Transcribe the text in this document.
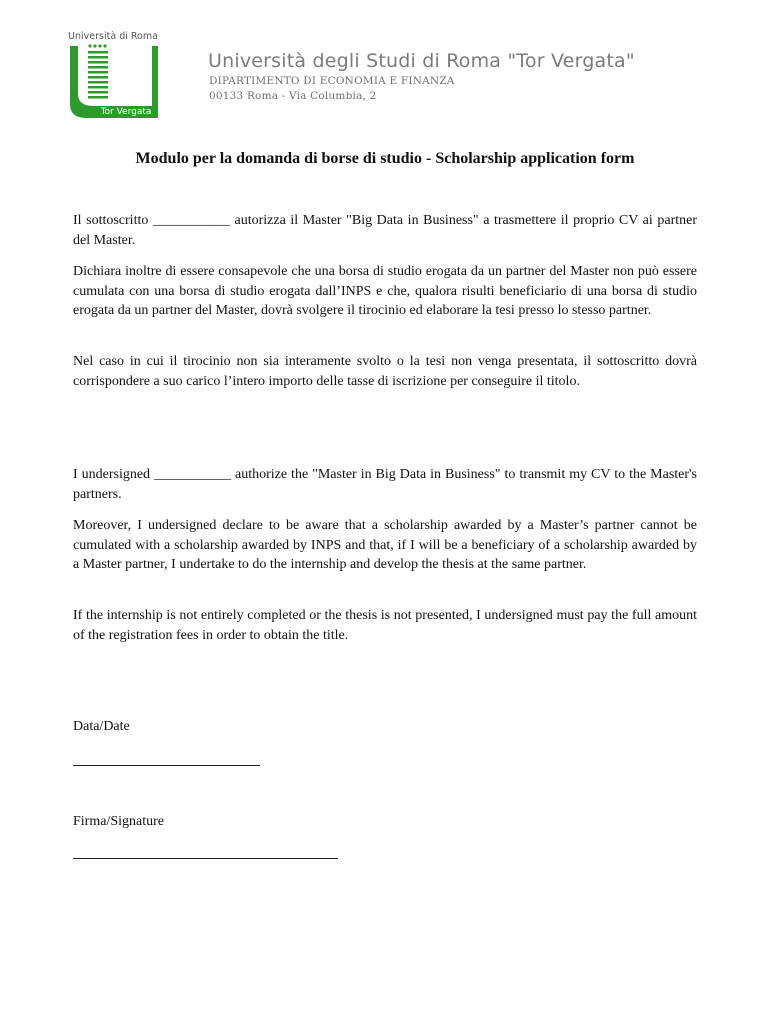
Università di Roma
Tor Vergata
Università degli Studi di Roma "Tor Vergata"
DIPARTIMENTO DI ECONOMIA E FINANZA
00133 Roma - Via Columbia, 2
Modulo per la domanda di borse di studio - Scholarship application form
Il sottoscritto ___________ autorizza il Master "Big Data in Business" a trasmettere il proprio CV ai partner del Master.
Dichiara inoltre di essere consapevole che una borsa di studio erogata da un partner del Master non può essere cumulata con una borsa di studio erogata dall’INPS e che, qualora risulti beneficiario di una borsa di studio erogata da un partner del Master, dovrà svolgere il tirocinio ed elaborare la tesi presso lo stesso partner.
Nel caso in cui il tirocinio non sia interamente svolto o la tesi non venga presentata, il sottoscritto dovrà corrispondere a suo carico l’intero importo delle tasse di iscrizione per conseguire il titolo.
I undersigned ___________ authorize the "Master in Big Data in Business" to transmit my CV to the Master's partners.
Moreover, I undersigned declare to be aware that a scholarship awarded by a Master’s partner cannot be cumulated with a scholarship awarded by INPS and that, if I will be a beneficiary of a scholarship awarded by a Master partner, I undertake to do the internship and develop the thesis at the same partner.
If the internship is not entirely completed or the thesis is not presented, I undersigned must pay the full amount of the registration fees in order to obtain the title.
Data/Date
Firma/Signature
